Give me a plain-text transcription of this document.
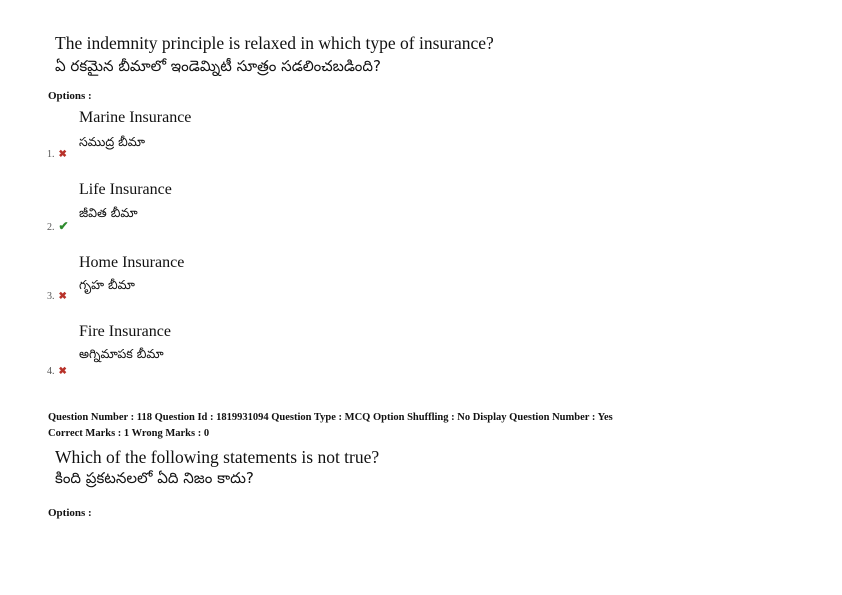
The indemnity principle is relaxed in which type of insurance?
ఏ రకమైన బీమాలో ఇండెమ్నిటీ సూత్రం సడలించబడింది?
Options :
Marine Insurance
సముద్ర బీమా
1. ✖
Life Insurance
జీవిత బీమా
2. ✔
Home Insurance
గృహ బీమా
3. ✖
Fire Insurance
అగ్నిమాపక బీమా
4. ✖
Question Number : 118 Question Id : 1819931094 Question Type : MCQ Option Shuffling : No Display Question Number : Yes
Correct Marks : 1 Wrong Marks : 0
Which of the following statements is not true?
కింది ప్రకటనలలో ఏది నిజం కాదు?
Options :
